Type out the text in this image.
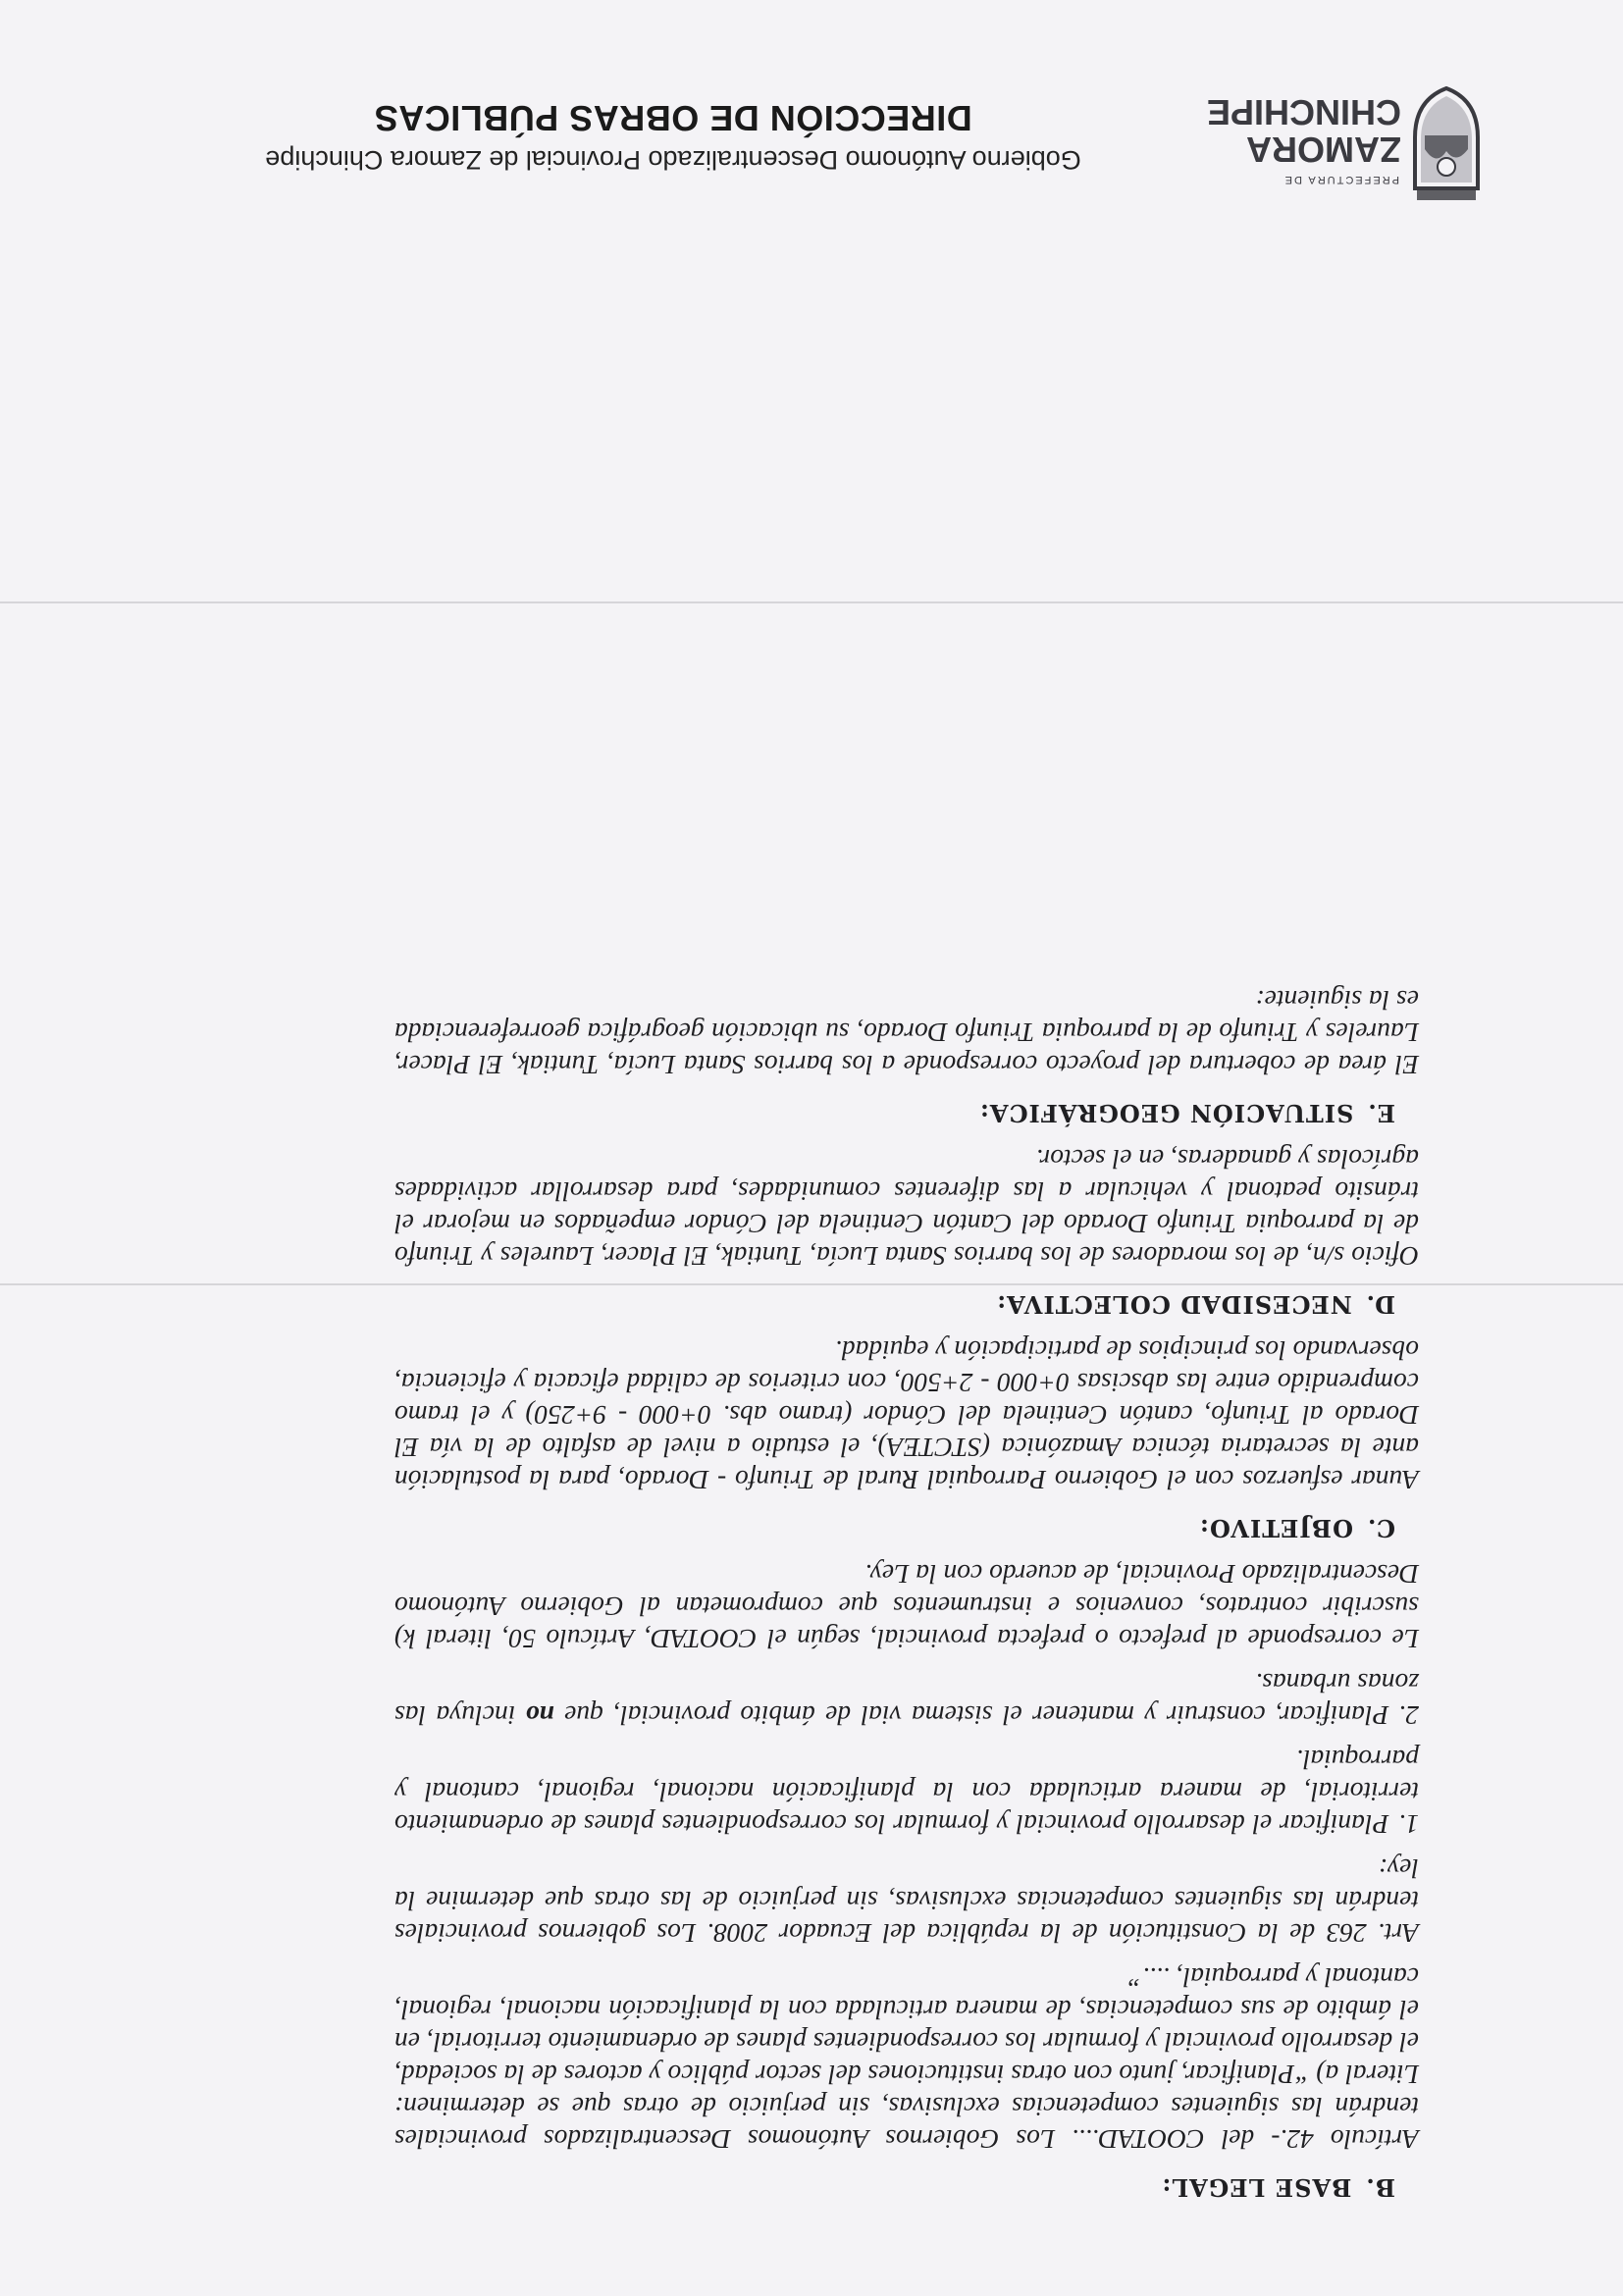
PREFECTURA DE
ZAMORA
CHINCHIPE
Gobierno Autónomo Descentralizado Provincial de Zamora Chinchipe
DIRECCIÓN DE OBRAS PÚBLICAS
B.BASE LEGAL:

Artículo 42.- del COOTAD.... Los Gobiernos Autónomos Descentralizados provinciales tendrán las siguientes competencias exclusivas, sin perjuicio de otras que se determinen: Literal a) “Planificar, junto con otras instituciones del sector público y actores de la sociedad, el desarrollo provincial y formular los correspondientes planes de ordenamiento territorial, en el ámbito de sus competencias, de manera articulada con la planificación nacional, regional, cantonal y parroquial, ....”

Art. 263 de la Constitución de la república del Ecuador 2008. Los gobiernos provinciales tendrán las siguientes competencias exclusivas, sin perjuicio de las otras que determine la ley:

1.Planificar el desarrollo provincial y formular los correspondientes planes de ordenamiento territorial, de manera articulada con la planificación nacional, regional, cantonal y parroquial.

2.Planificar, construir y mantener el sistema vial de ámbito provincial, que no incluya las zonas urbanas.

Le corresponde al prefecto o prefecta provincial, según el COOTAD, Artículo 50, literal k) suscribir contratos, convenios e instrumentos que comprometan al Gobierno Autónomo Descentralizado Provincial, de acuerdo con la Ley.

C.OBJETIVO:

Aunar esfuerzos con el Gobierno Parroquial Rural de Triunfo - Dorado, para la postulación ante la secretaria técnica Amazónica (STCTEA), el estudio a nivel de asfalto de la vía El Dorado al Triunfo, cantón Centinela del Cóndor (tramo abs. 0+000 - 9+250) y el tramo comprendido entre las abscisas 0+000 - 2+500, con criterios de calidad eficacia y eficiencia, observando los principios de participación y equidad.

D.NECESIDAD COLECTIVA:

Oficio s/n, de los moradores de los barrios Santa Lucía, Tuntiak, El Placer, Laureles y Triunfo de la parroquia Triunfo Dorado del Cantón Centinela del Cóndor empeñados en mejorar el tránsito peatonal y vehicular a las diferentes comunidades, para desarrollar actividades agrícolas y ganaderas, en el sector.

E.SITUACIÓN GEOGRÁFICA:

El área de cobertura del proyecto corresponde a los barrios Santa Lucía, Tuntiak, El Placer, Laureles y Triunfo de la parroquia Triunfo Dorado, su ubicación geográfica georreferenciada es la siguiente:
